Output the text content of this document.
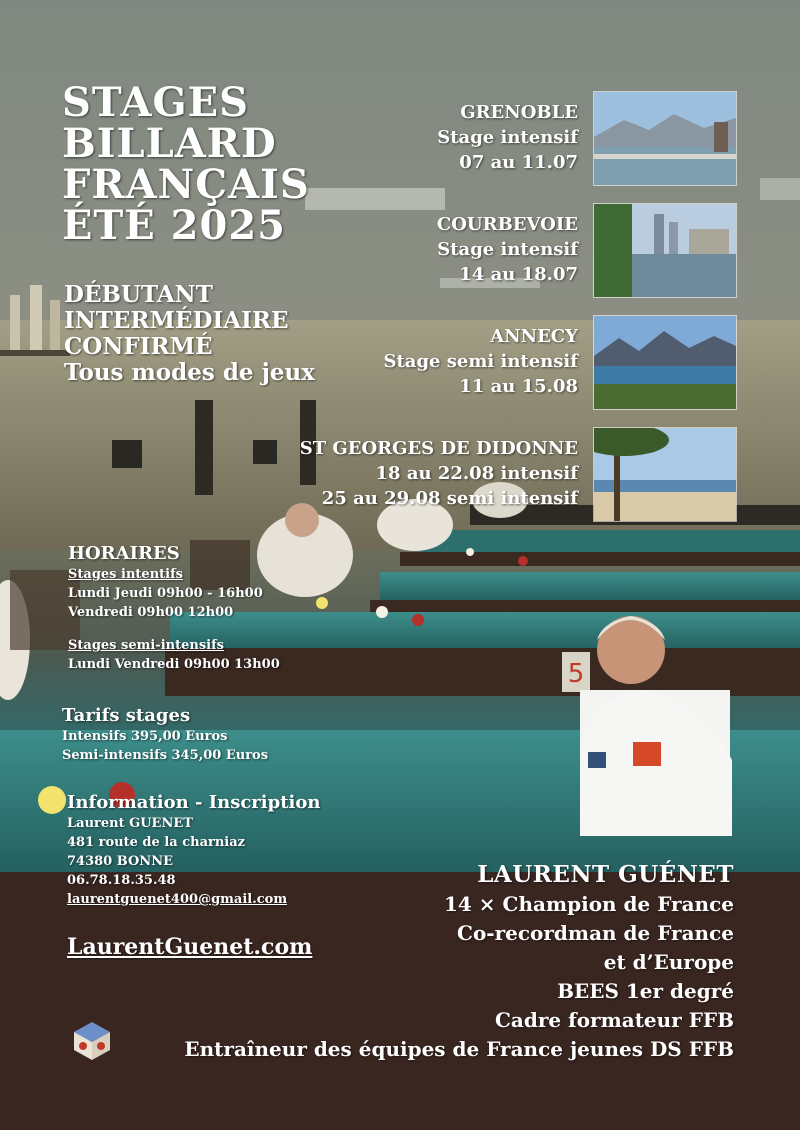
5
STAGES
BILLARD
FRANÇAIS
ÉTÉ 2025
DÉBUTANT
INTERMÉDIAIRE
CONFIRMÉ
Tous modes de jeux
GRENOBLE
Stage intensif
07 au 11.07
COURBEVOIE
Stage intensif
14 au 18.07
ANNECY
Stage semi intensif
11 au 15.08
ST GEORGES DE DIDONNE
18 au 22.08 intensif
25 au 29.08 semi intensif
HORAIRES
Stages intentifs
Lundi Jeudi 09h00 - 16h00
Vendredi 09h00 12h00
Stages semi-intensifs
Lundi Vendredi 09h00 13h00
Tarifs stages
Intensifs 395,00 Euros
Semi-intensifs 345,00 Euros
Information - Inscription
Laurent GUENET
481 route de la charniaz
74380 BONNE
06.78.18.35.48
laurentguenet400@gmail.com
LaurentGuenet.com
LAURENT GUÉNET
14 × Champion de France
Co-recordman de France
et d’Europe
BEES 1er degré
Cadre formateur FFB
Entraîneur des équipes de France jeunes DS FFB
